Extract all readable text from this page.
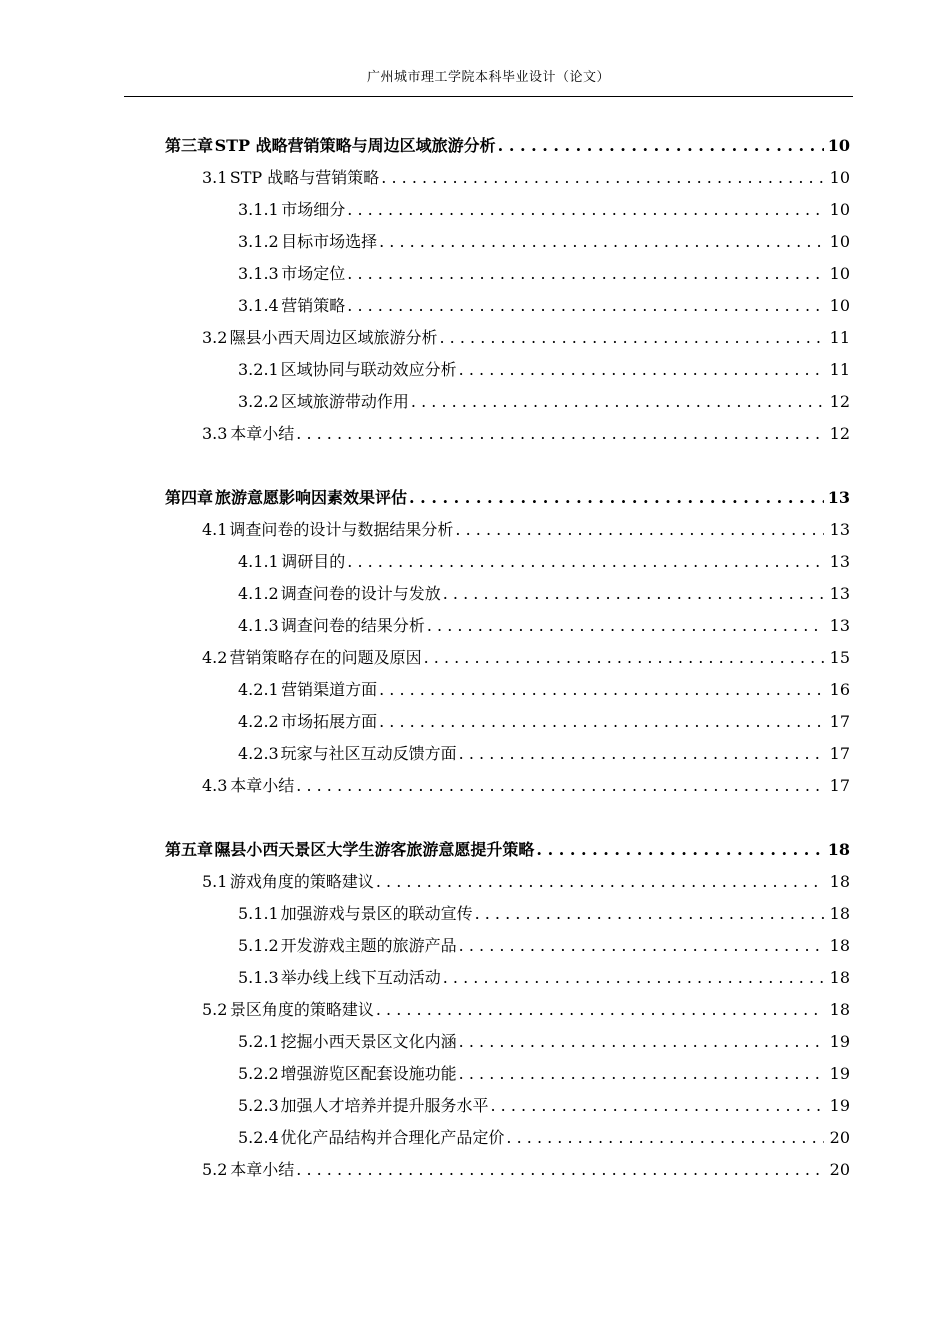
广州城市理工学院本科毕业设计（论文）
第三章 STP 战略营销策略与周边区域旅游分析 . . .	10
3.1 STP 战略与营销策略 . . .	10
3.1.1 市场细分 . . .	10
3.1.2 目标市场选择 . . .	10
3.1.3 市场定位 . . .	10
3.1.4 营销策略 . . .	10
3.2 隰县小西天周边区域旅游分析 . . .	11
3.2.1 区域协同与联动效应分析 . . .	11
3.2.2 区域旅游带动作用 . . .	12
3.3 本章小结 . . .	12
第四章 旅游意愿影响因素效果评估 . . .	13
4.1 调查问卷的设计与数据结果分析 . . .	13
4.1.1 调研目的 . . .	13
4.1.2 调查问卷的设计与发放 . . .	13
4.1.3 调查问卷的结果分析 . . .	13
4.2 营销策略存在的问题及原因 . . .	15
4.2.1 营销渠道方面 . . .	16
4.2.2 市场拓展方面 . . .	17
4.2.3 玩家与社区互动反馈方面 . . .	17
4.3 本章小结 . . .	17
第五章 隰县小西天景区大学生游客旅游意愿提升策略 . . .	18
5.1 游戏角度的策略建议 . . .	18
5.1.1 加强游戏与景区的联动宣传 . . .	18
5.1.2 开发游戏主题的旅游产品 . . .	18
5.1.3 举办线上线下互动活动 . . .	18
5.2 景区角度的策略建议 . . .	18
5.2.1 挖掘小西天景区文化内涵 . . .	19
5.2.2 增强游览区配套设施功能 . . .	19
5.2.3 加强人才培养并提升服务水平 . . .	19
5.2.4 优化产品结构并合理化产品定价 . . .	20
5.2 本章小结 . . .	20
